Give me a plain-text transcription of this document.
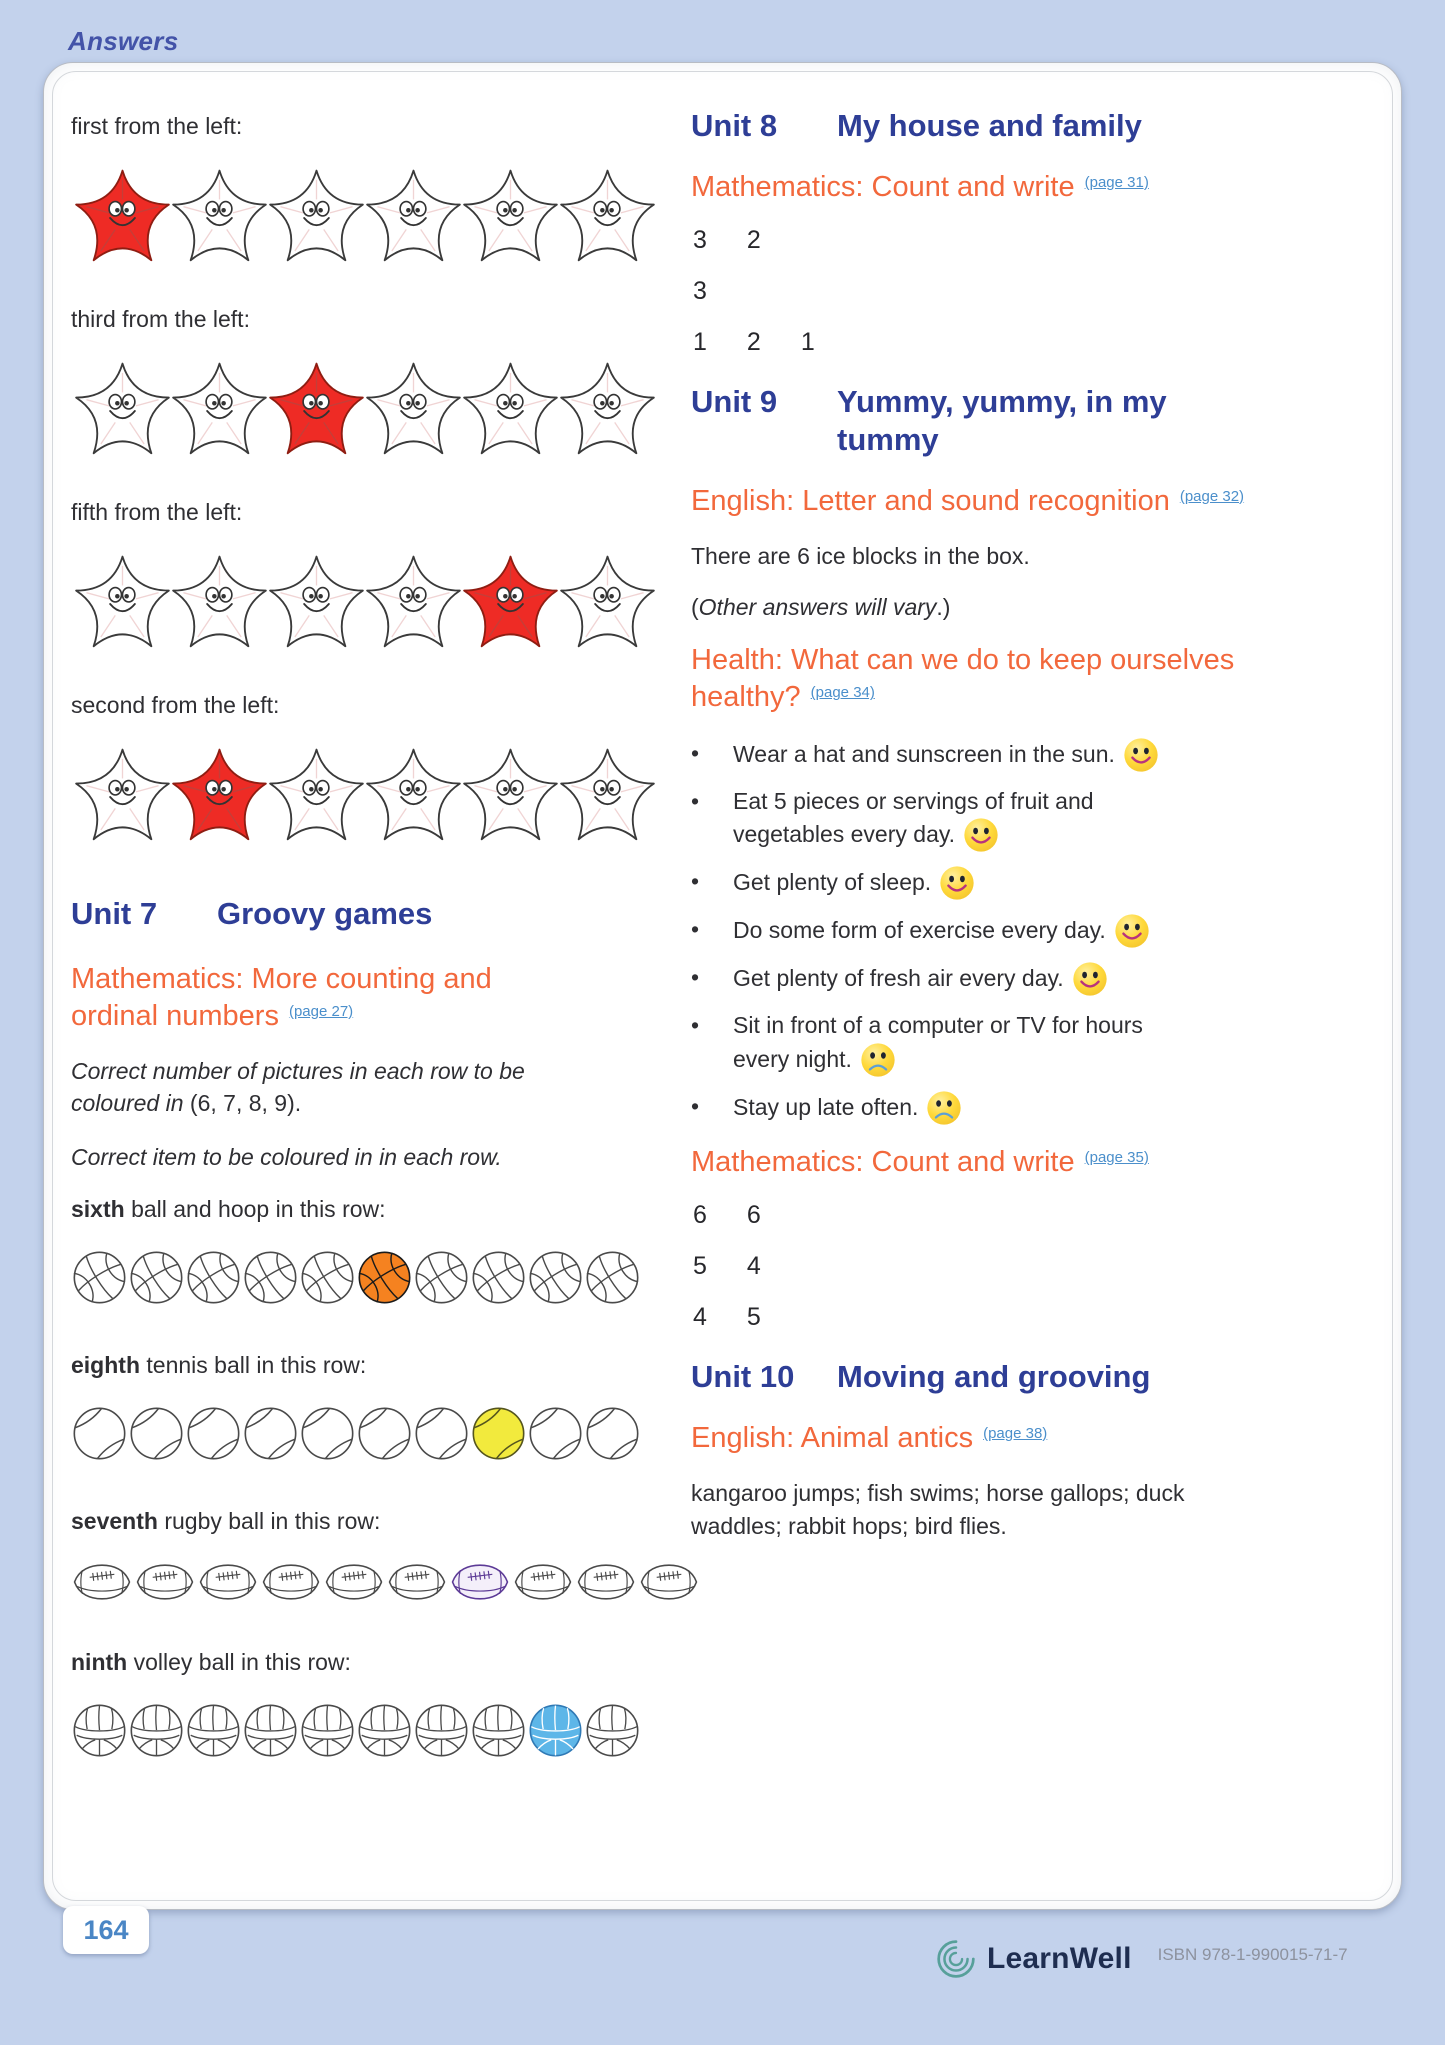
Answers
first from the left:
third from the left:
fifth from the left:
second from the left:
Unit 7	Groovy games
Mathematics: More counting and ordinal numbers $^{(page 27)}$

Correct number of pictures in each row to be coloured in (6, 7, 8, 9).

Correct item to be coloured in in each row.

sixth ball and hoop in this row:

eighth tennis ball in this row:

seventh rugby ball in this row:

ninth volley ball in this row:

Unit 8	My house and family
Mathematics: Count and write $^{(page 31)}$
3 2
3
1 2 1
Unit 9	Yummy, yummy, in my tummy
English: Letter and sound recognition $^{(page 32)}$

There are 6 ice blocks in the box.

(Other answers will vary.)

Health: What can we do to keep ourselves healthy? $^{(page 34)}$
•	Wear a hat and sunscreen in the sun.
•	Eat 5 pieces or servings of fruit and vegetables every day.
•	Get plenty of sleep.
•	Do some form of exercise every day.
•	Get plenty of fresh air every day.
•	Sit in front of a computer or TV for hours every night.
•	Stay up late often.
Mathematics: Count and write $^{(page 35)}$
6 6
5 4
4 5
Unit 10 Moving and grooving
English: Animal antics $^{(page 38)}$

kangaroo jumps; fish swims; horse gallops; duck waddles; rabbit hops; bird flies.

164
LearnWell ISBN 978-1-990015-71-7
